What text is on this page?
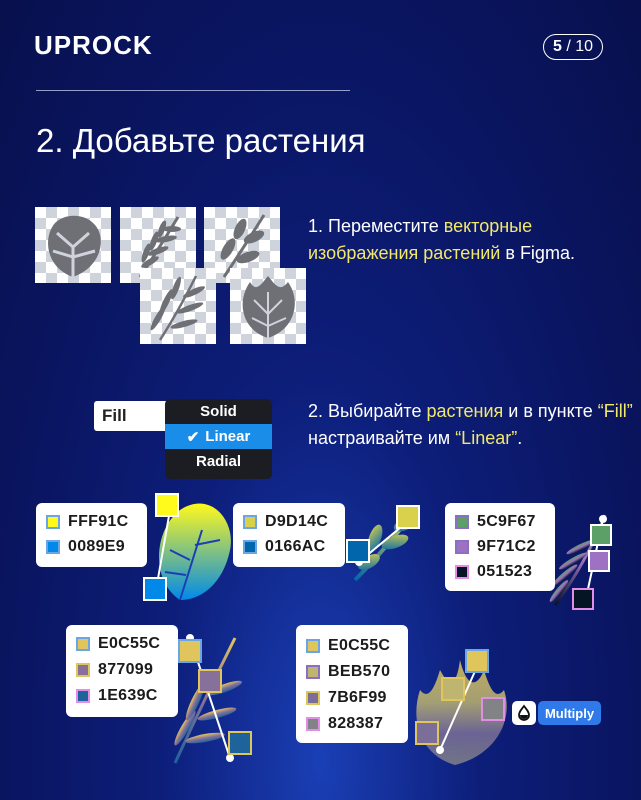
UPROCK	5
/ 10
2. Добавьте растения
1. Переместите векторные изображения растений в Figma.
Fill	Solid
✔ Linear
Radial
2. Выбирайте растения и в пункте “Fill” настраивайте им “Linear”.
FFF91C
0089E9
D9D14C
0166AC
5C9F67
9F71C2
051523
E0C55C
877099
1E639C
E0C55C
BEB570
7B6F99
828387
Multiply
